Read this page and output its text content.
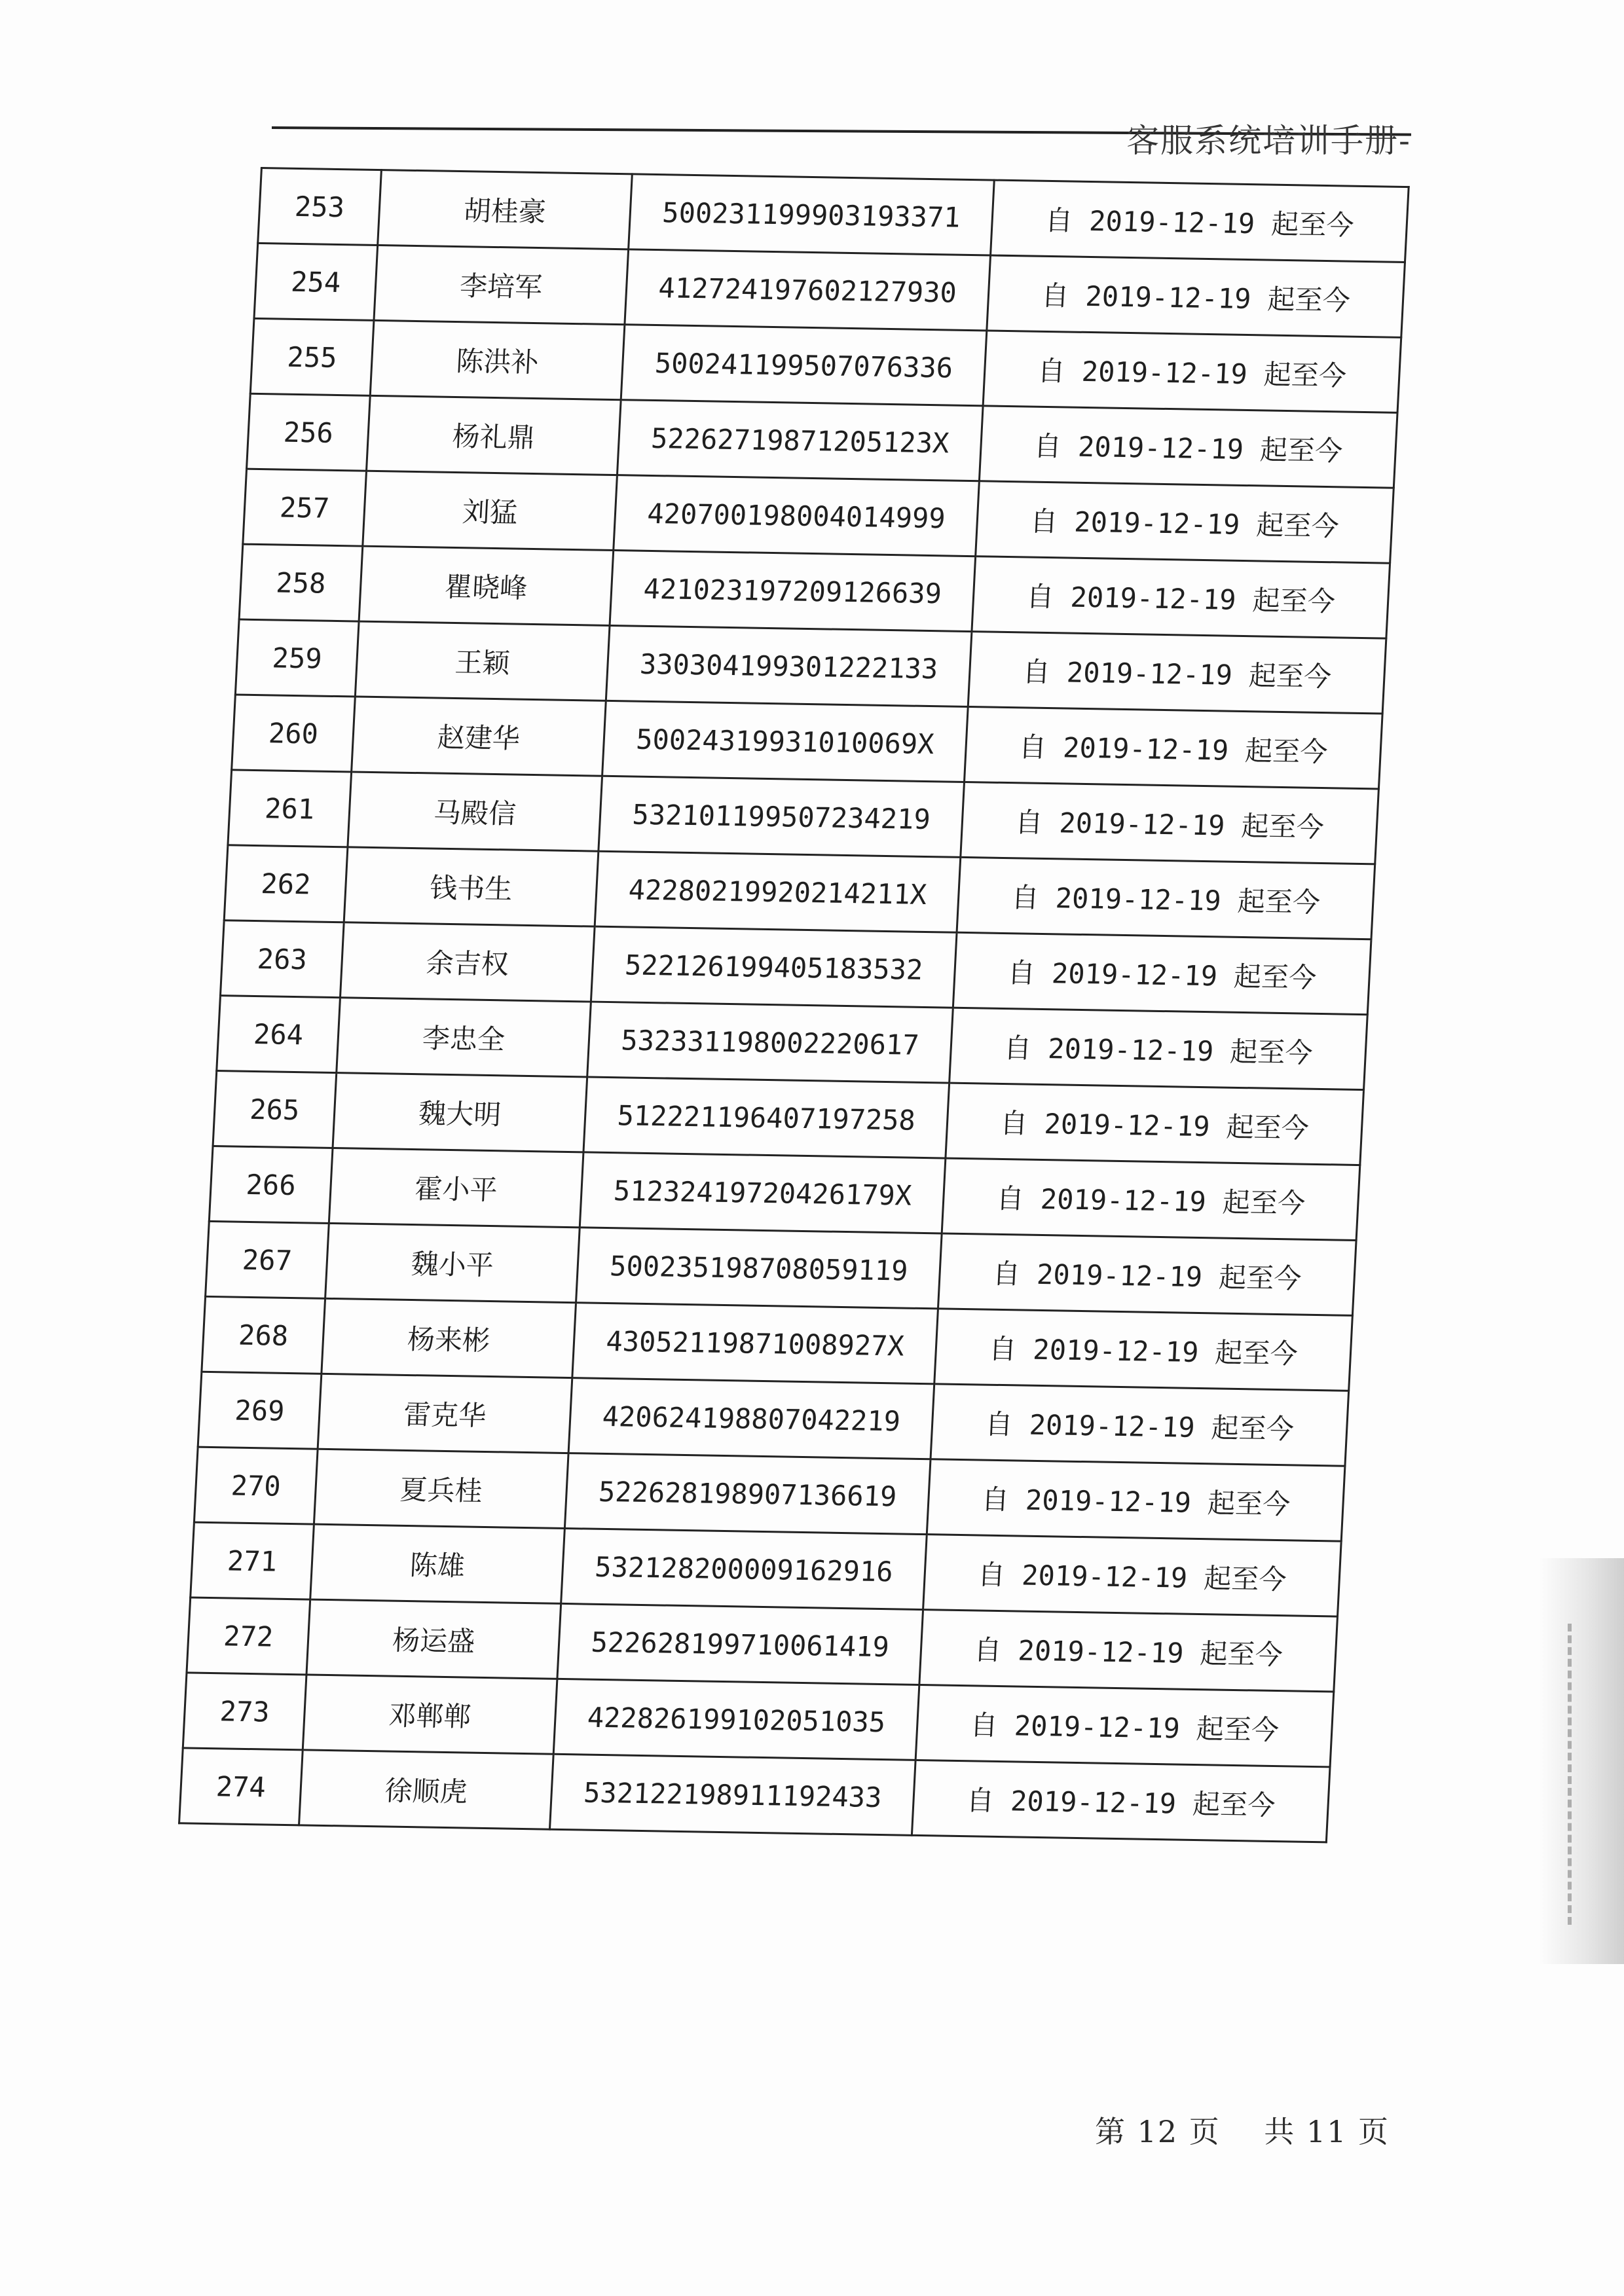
客服系统培训手册-
253	胡桂豪	500231199903193371	自 2019-12-19 起至今
254	李培军	412724197602127930	自 2019-12-19 起至今
255	陈洪补	500241199507076336	自 2019-12-19 起至今
256	杨礼鼎	52262719871205123X	自 2019-12-19 起至今
257	刘猛	420700198004014999	自 2019-12-19 起至今
258	瞿晓峰	421023197209126639	自 2019-12-19 起至今
259	王颖	330304199301222133	自 2019-12-19 起至今
260	赵建华	50024319931010069X	自 2019-12-19 起至今
261	马殿信	532101199507234219	自 2019-12-19 起至今
262	钱书生	42280219920214211X	自 2019-12-19 起至今
263	余吉权	522126199405183532	自 2019-12-19 起至今
264	李忠全	532331198002220617	自 2019-12-19 起至今
265	魏大明	512221196407197258	自 2019-12-19 起至今
266	霍小平	51232419720426179X	自 2019-12-19 起至今
267	魏小平	500235198708059119	自 2019-12-19 起至今
268	杨来彬	43052119871008927X	自 2019-12-19 起至今
269	雷克华	420624198807042219	自 2019-12-19 起至今
270	夏兵桂	522628198907136619	自 2019-12-19 起至今
271	陈雄	532128200009162916	自 2019-12-19 起至今
272	杨运盛	522628199710061419	自 2019-12-19 起至今
273	邓郸郸	422826199102051035	自 2019-12-19 起至今
274	徐顺虎	532122198911192433	自 2019-12-19 起至今
第 12 页 共 11 页
